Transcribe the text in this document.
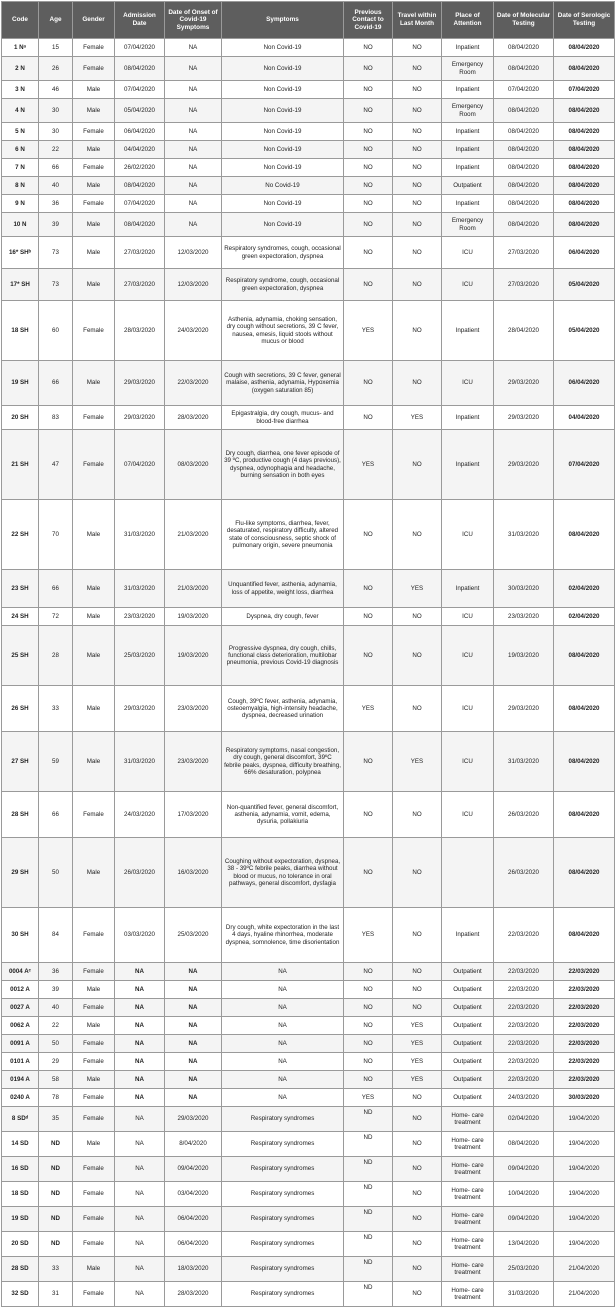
Code	Age	Gender	Admission Date	Date of Onset of Covid-19 Symptoms	Symptoms	Previous Contact to Covid-19	Travel within Last Month	Place of Attention	Date of Molecular Testing	Date of Serologic Testing
1 Nᵃ	15	Female	07/04/2020	NA	Non Covid-19	NO	NO	Inpatient	08/04/2020	08/04/2020
2 N	26	Female	08/04/2020	NA	Non Covid-19	NO	NO	Emergency Room	08/04/2020	08/04/2020
3 N	46	Male	07/04/2020	NA	Non Covid-19	NO	NO	Inpatient	07/04/2020	07/04/2020
4 N	30	Male	05/04/2020	NA	Non Covid-19	NO	NO	Emergency Room	08/04/2020	08/04/2020
5 N	30	Female	06/04/2020	NA	Non Covid-19	NO	NO	Inpatient	08/04/2020	08/04/2020
6 N	22	Male	04/04/2020	NA	Non Covid-19	NO	NO	Inpatient	08/04/2020	08/04/2020
7 N	66	Female	26/02/2020	NA	Non Covid-19	NO	NO	Inpatient	08/04/2020	08/04/2020
8 N	40	Male	08/04/2020	NA	No Covid-19	NO	NO	Outpatient	08/04/2020	08/04/2020
9 N	36	Female	07/04/2020	NA	Non Covid-19	NO	NO	Inpatient	08/04/2020	08/04/2020
10 N	39	Male	08/04/2020	NA	Non Covid-19	NO	NO	Emergency Room	08/04/2020	08/04/2020
16* SHᵇ	73	Male	27/03/2020	12/03/2020	Respiratory syndromes, cough, occasional green expectoration, dyspnea	NO	NO	ICU	27/03/2020	06/04/2020
17* SH	73	Male	27/03/2020	12/03/2020	Respiratory syndrome, cough, occasional green expectoration, dyspnea	NO	NO	ICU	27/03/2020	05/04/2020
18 SH	60	Female	28/03/2020	24/03/2020	Asthenia, adynamia, choking sensation, dry cough without secretions, 39 C fever, nausea, emesis, liquid stools without mucus or blood	YES	NO	Inpatient	28/04/2020	05/04/2020
19 SH	66	Male	29/03/2020	22/03/2020	Cough with secretions, 39 C fever, general malaise, asthenia, adynamia, Hypoxemia (oxygen saturation 85)	NO	NO	ICU	29/03/2020	06/04/2020
20 SH	83	Female	29/03/2020	28/03/2020	Epigastralgia, dry cough, mucus- and blood-free diarrhea	NO	YES	Inpatient	29/03/2020	04/04/2020
21 SH	47	Female	07/04/2020	08/03/2020	Dry cough, diarrhea, one fever episode of 39 ºC, productive cough (4 days previous), dyspnea, odynophagia and headache, burning sensation in both eyes	YES	NO	Inpatient	29/03/2020	07/04/2020
22 SH	70	Male	31/03/2020	21/03/2020	Flu-like symptoms, diarrhea, fever, desaturated, respiratory difficulty, altered state of consciousness, septic shock of pulmonary origin, severe pneumonia	NO	NO	ICU	31/03/2020	08/04/2020
23 SH	66	Male	31/03/2020	21/03/2020	Unquantified fever, asthenia, adynamia, loss of appetite, weight loss, diarrhea	NO	YES	Inpatient	30/03/2020	02/04/2020
24 SH	72	Male	23/03/2020	19/03/2020	Dyspnea, dry cough, fever	NO	NO	ICU	23/03/2020	02/04/2020
25 SH	28	Male	25/03/2020	19/03/2020	Progressive dyspnea, dry cough, chills, functional class deterioration, multilobar pneumonia, previous Covid-19 diagnosis	NO	NO	ICU	19/03/2020	08/04/2020
26 SH	33	Male	29/03/2020	23/03/2020	Cough, 39ºC fever, asthenia, adynamia, osteoemyalgia, high-intensity headache, dyspnea, decreased urination	YES	NO	ICU	29/03/2020	08/04/2020
27 SH	59	Male	31/03/2020	23/03/2020	Respiratory symptoms, nasal congestion, dry cough, general discomfort, 39ºC febrile peaks, dyspnea, difficulty breathing, 66% desaturation, polypnea	NO	YES	ICU	31/03/2020	08/04/2020
28 SH	66	Female	24/03/2020	17/03/2020	Non-quantified fever, general discomfort, asthenia, adynamia, vomit, edema, dysuria, pollakiuria	NO	NO	ICU	26/03/2020	08/04/2020
29 SH	50	Male	26/03/2020	16/03/2020	Coughing without expectoration, dyspnea, 38 - 39ºC febrile peaks, diarrhea without blood or mucus, no tolerance in oral pathways, general discomfort, dysfagia	NO	NO		26/03/2020	08/04/2020
30 SH	84	Female	03/03/2020	25/03/2020	Dry cough, white expectoration in the last 4 days, hyaline rhinorrhea, moderate dyspnea, somnolence, time disorientation	YES	NO	Inpatient	22/03/2020	08/04/2020
0004 Aᶜ	36	Female	NA	NA	NA	NO	NO	Outpatient	22/03/2020	22/03/2020
0012 A	39	Male	NA	NA	NA	NO	NO	Outpatient	22/03/2020	22/03/2020
0027 A	40	Female	NA	NA	NA	NO	NO	Outpatient	22/03/2020	22/03/2020
0062 A	22	Male	NA	NA	NA	NO	YES	Outpatient	22/03/2020	22/03/2020
0091 A	50	Female	NA	NA	NA	NO	YES	Outpatient	22/03/2020	22/03/2020
0101 A	29	Female	NA	NA	NA	NO	YES	Outpatient	22/03/2020	22/03/2020
0194 A	58	Male	NA	NA	NA	NO	YES	Outpatient	22/03/2020	22/03/2020
0240 A	78	Female	NA	NA	NA	YES	NO	Outpatient	24/03/2020	30/03/2020
8 SDᵈ	35	Female	NA	29/03/2020	Respiratory syndromes	ND	NO	Home- care treatment	02/04/2020	19/04/2020
14 SD	ND	Male	NA	8/04/2020	Respiratory syndromes	ND	NO	Home- care treatment	08/04/2020	19/04/2020
16 SD	ND	Female	NA	09/04/2020	Respiratory syndromes	ND	NO	Home- care treatment	09/04/2020	19/04/2020
18 SD	ND	Female	NA	03/04/2020	Respiratory syndromes	ND	NO	Home- care treatment	10/04/2020	19/04/2020
19 SD	ND	Female	NA	06/04/2020	Respiratory syndromes	ND	NO	Home- care treatment	09/04/2020	19/04/2020
20 SD	ND	Female	NA	06/04/2020	Respiratory syndromes	ND	NO	Home- care treatment	13/04/2020	19/04/2020
28 SD	33	Male	NA	18/03/2020	Respiratory syndromes	ND	NO	Home- care treatment	25/03/2020	21/04/2020
32 SD	31	Female	NA	28/03/2020	Respiratory syndromes	ND	NO	Home- care treatment	31/03/2020	21/04/2020
